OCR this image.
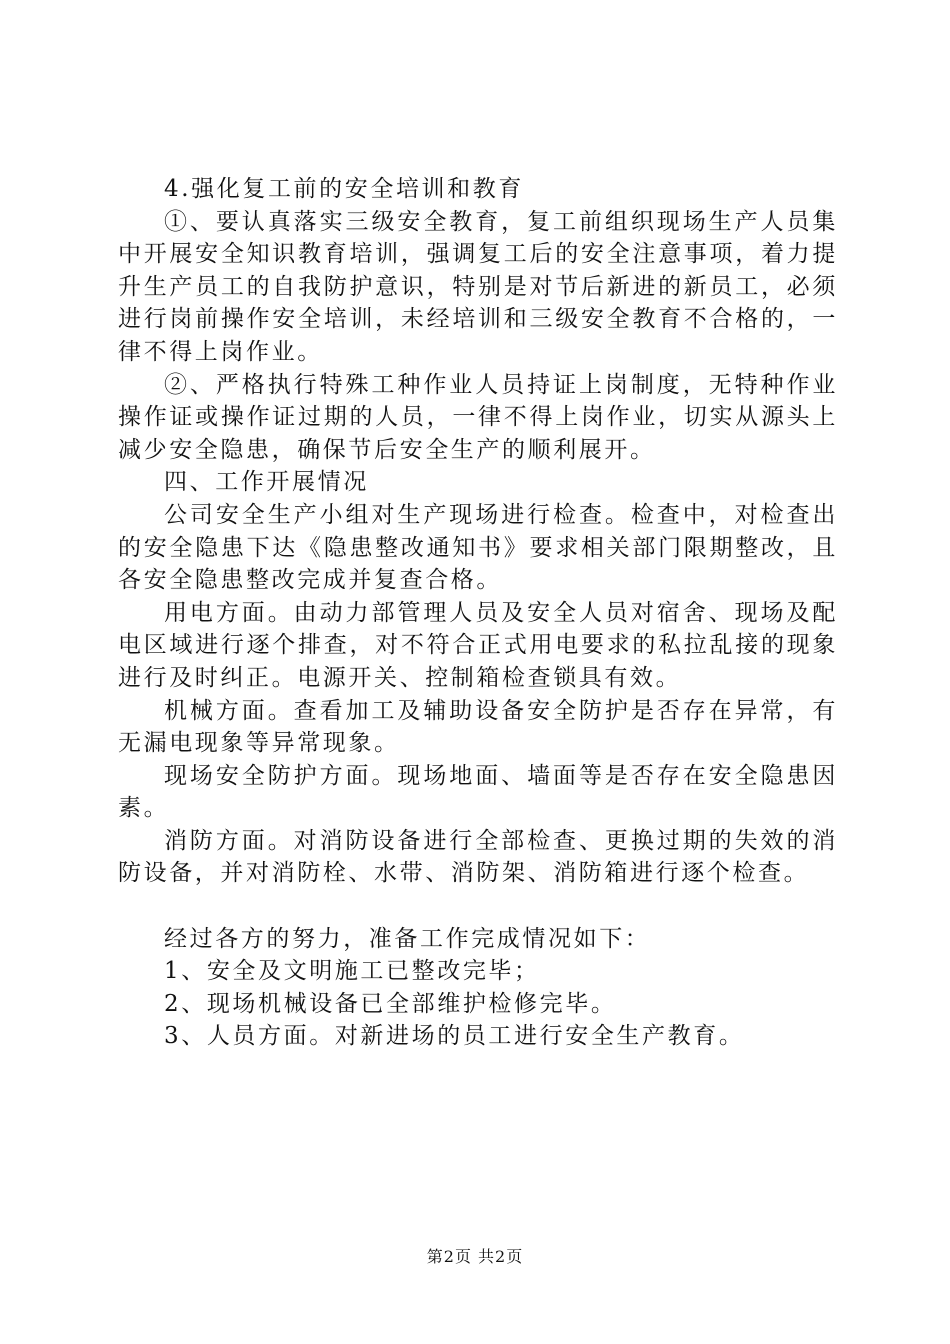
4.强化复工前的安全培训和教育

①、要认真落实三级安全教育，复工前组织现场生产人员集中开展安全知识教育培训，强调复工后的安全注意事项，着力提升生产员工的自我防护意识，特别是对节后新进的新员工，必须进行岗前操作安全培训，未经培训和三级安全教育不合格的，一律不得上岗作业。

②、严格执行特殊工种作业人员持证上岗制度，无特种作业操作证或操作证过期的人员，一律不得上岗作业，切实从源头上减少安全隐患，确保节后安全生产的顺利展开。

四、工作开展情况

公司安全生产小组对生产现场进行检查。检查中，对检查出的安全隐患下达《隐患整改通知书》要求相关部门限期整改，且各安全隐患整改完成并复查合格。

用电方面。由动力部管理人员及安全人员对宿舍、现场及配电区域进行逐个排查，对不符合正式用电要求的私拉乱接的现象进行及时纠正。电源开关、控制箱检查锁具有效。

机械方面。查看加工及辅助设备安全防护是否存在异常，有无漏电现象等异常现象。

现场安全防护方面。现场地面、墙面等是否存在安全隐患因素。

消防方面。对消防设备进行全部检查、更换过期的失效的消防设备，并对消防栓、水带、消防架、消防箱进行逐个检查。

经过各方的努力，准备工作完成情况如下：

1、安全及文明施工已整改完毕；

2、现场机械设备已全部维护检修完毕。

3、人员方面。对新进场的员工进行安全生产教育。

第2页 共2页
